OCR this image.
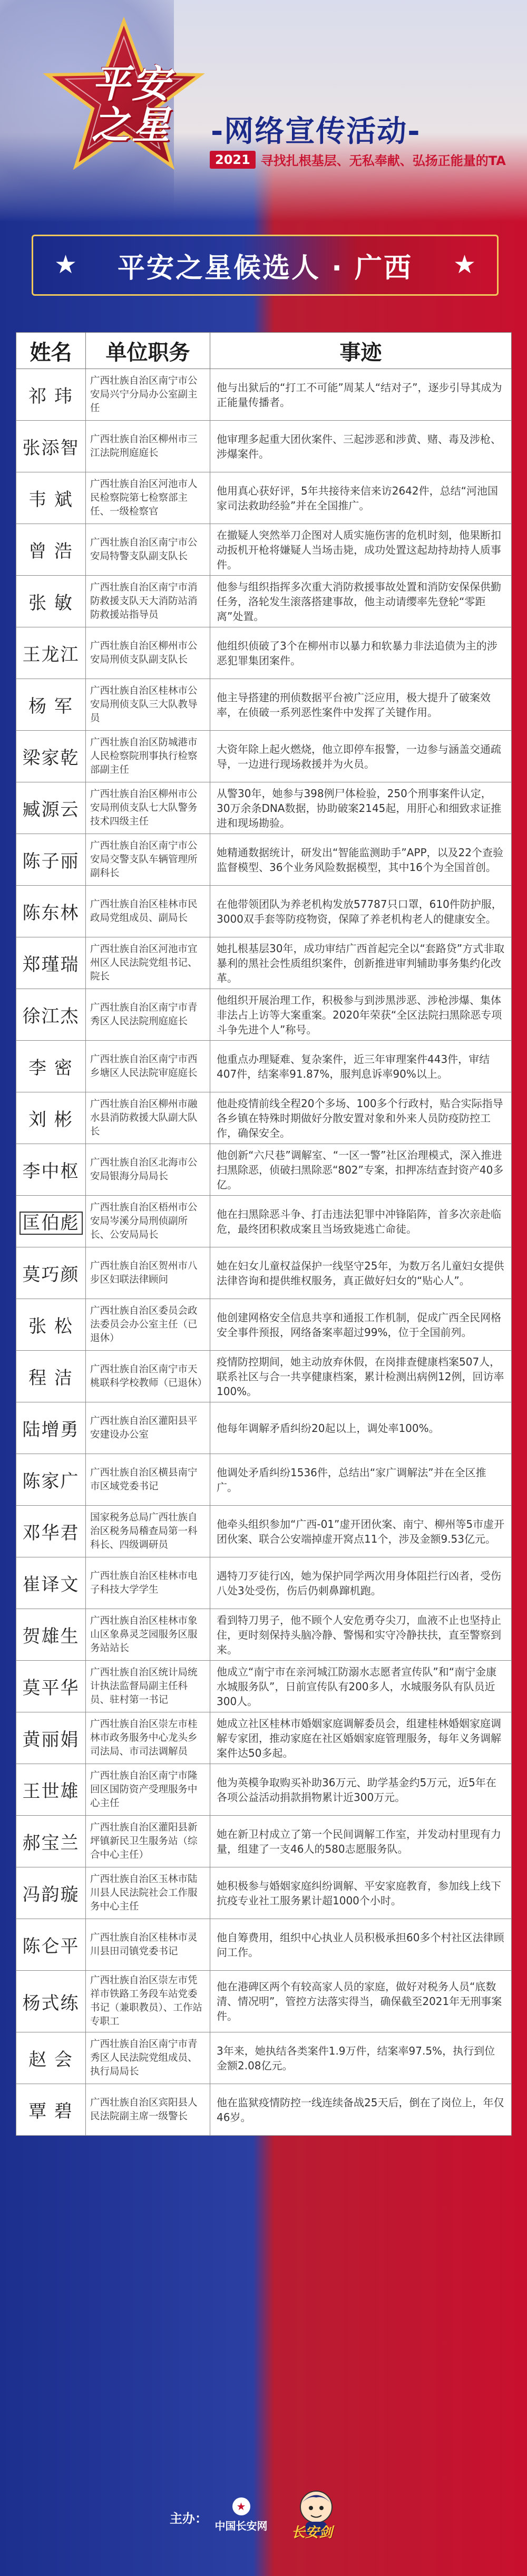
平安之星	-网络宣传活动-
2021 寻找扎根基层、无私奉献、弘扬正能量的TA
★ 平安之星候选人 · 广西 ★
姓名	单位职务	事迹
祁 玮	广西壮族自治区南宁市公安局兴宁分局办公室副主任	他与出狱后的“打工不可能”周某人“结对子”，逐步引导其成为正能量传播者。
张添智	广西壮族自治区柳州市三江法院刑庭庭长	他审理多起重大团伙案件、三起涉恶和涉黄、赌、毒及涉枪、涉爆案件。
韦 斌	广西壮族自治区河池市人民检察院第七检察部主任、一级检察官	他用真心获好评，5年共接待来信来访2642件，总结“河池国家司法救助经验”并在全国推广。
曾 浩	广西壮族自治区南宁市公安局特警支队副支队长	在撤疑人突然举刀企图对人质实施伤害的危机时刻，他果断扣动扳机开枪将嫌疑人当场击毙，成功处置这起劫持劫持人质事件。
张 敏	广西壮族自治区南宁市消防救援支队天大消防站消防救援站指导员	他参与组织指挥多次重大消防救援事故处置和消防安保保供勤任务，洛轮发生滚落搭建事故，他主动请缨率先登轮“零距离”处置。
王龙江	广西壮族自治区柳州市公安局刑侦支队副支队长	他组织侦破了3个在柳州市以暴力和软暴力非法追债为主的涉恶犯罪集团案件。
杨 军	广西壮族自治区桂林市公安局刑侦支队三大队教导员	他主导搭建的刑侦数据平台被广泛应用，极大提升了破案效率，在侦破一系列恶性案件中发挥了关键作用。
梁家乾	广西壮族自治区防城港市人民检察院刑事执行检察部副主任	大资年除上起火燃烧，他立即停车报警，一边参与涵盖交通疏导，一边进行现场救援并为火员。
臧源云	广西壮族自治区柳州市公安局刑侦支队七大队警务技术四级主任	从警30年，她参与398例尸体检验，250个刑事案件认定，30万余条DNA数据，协助破案2145起，用肝心和细致求证推进和现场勘验。
陈子丽	广西壮族自治区南宁市公安局交警支队车辆管理所副科长	她精通数据统计，研发出“智能监测助手”APP，以及22个查验监督模型、36个业务风险数据模型，其中16个为全国首创。
陈东林	广西壮族自治区桂林市民政局党组成员、副局长	在他带领团队为养老机构发放57787只口罩，610件防护服，3000双手套等防疫物资，保障了养老机构老人的健康安全。
郑瑾瑞	广西壮族自治区河池市宜州区人民法院党组书记、院长	她扎根基层30年，成功审结广西首起完全以“套路贷”方式非取暴利的黑社会性质组织案件，创新推进审判辅助事务集约化改革。
徐江杰	广西壮族自治区南宁市青秀区人民法院刑庭庭长	他组织开展治理工作，积极参与到涉黑涉恶、涉枪涉爆、集体非法占上访等大案重案。2020年荣获“全区法院扫黑除恶专项斗争先进个人”称号。
李 密	广西壮族自治区南宁市西乡塘区人民法院审庭庭长	他重点办理疑难、复杂案件，近三年审理案件443件，审结407件，结案率91.87%，服判息诉率90%以上。
刘 彬	广西壮族自治区柳州市融水县消防救援大队副大队长	他赴疫情前线全程20个多场、100多个行政村，贴合实际指导各乡镇在特殊时期做好分散安置对象和外来人员防疫防控工作，确保安全。
李中枢	广西壮族自治区北海市公安局银海分局局长	他创新“六尺巷”调解室、“一区一警”社区治理模式，深入推进扫黑除恶，侦破扫黑除恶“802”专案，扣押冻结查封资产40多亿。
匡伯彪	广西壮族自治区梧州市公安局岑溪分局刑侦副所长、公安局局长	他在扫黑除恶斗争、打击违法犯罪中冲锋陷阵，首多次亲赴临危，最终团积救成案且当场致毙逃亡命徒。
莫巧颜	广西壮族自治区贺州市八步区妇联法律顾问	她在妇女儿童权益保护一线坚守25年，为数万名儿童妇女提供法律咨询和提供维权服务，真正做好妇女的“贴心人”。
张 松	广西壮族自治区委员会政法委员会办公室主任（已退休）	他创建网格安全信息共享和通报工作机制，促成广西全民网格安全事件预报，网络备案率超过99%，位于全国前列。
程 洁	广西壮族自治区南宁市天桃联科学校教师（已退休）	疫情防控期间，她主动放弃休假，在岗排查健康档案507人，联系社区与合一共享健康档案，累计检测出病例12例，回访率100%。
陆增勇	广西壮族自治区灌阳县平安建设办公室	他每年调解矛盾纠纷20起以上，调处率100%。
陈家广	广西壮族自治区横县南宁市区域党委书记	他调处矛盾纠纷1536件，总结出“家广调解法”并在全区推广。
邓华君	国家税务总局广西壮族自治区税务局稽查局第一科科长、四级调研员	他牵头组织参加“广西-01”虚开团伙案、南宁、柳州等5市虚开团伙案、联合公安端掉虚开窝点11个，涉及金额9.53亿元。
崔译文	广西壮族自治区桂林市电子科技大学学生	遇特刀歹徒行凶，她为保护同学两次用身体阻拦行凶者，受伤八处3处受伤，伤后仍刺鼻蹿机跑。
贺雄生	广西壮族自治区桂林市象山区象鼻灵芝园服务区服务站站长	看到特刀男子，他不顾个人安危勇夺尖刀，血液不止也坚持止住，更时刻保持头脑冷静、警惕和实守冷静扶扶，直至警察到来。
莫平华	广西壮族自治区统计局统计执法监督局副主任科员、驻村第一书记	他成立“南宁市在亲河城江防溺水志愿者宣传队”和“南宁金康水城服务队”，日前宣传队有200多人，水城服务队有队员近300人。
黄丽娟	广西壮族自治区崇左市桂林市政务服务中心龙头乡司法局、市司法调解员	她成立社区桂林市婚姻家庭调解委员会，组建桂林婚姻家庭调解专家团，推动家庭在社区婚姻家庭管理服务，每年义务调解案件达50多起。
王世雄	广西壮族自治区南宁市隆回区国防资产受理服务中心主任	他为英模争取购买补助36万元、助学基金约5万元，近5年在各项公益活动捐款捐物累计近300万元。
郝宝兰	广西壮族自治区灌阳县新坪镇新民卫生服务站（综合中心主任）	她在新卫村成立了第一个民间调解工作室，并发动村里现有力量，组建了一支46人的580志愿服务队。
冯韵璇	广西壮族自治区玉林市陆川县人民法院社会工作服务中心主任	她积极参与婚姻家庭纠纷调解、平安家庭教育，参加线上线下抗疫专业社工服务累计超1000个小时。
陈仑平	广西壮族自治区桂林市灵川县田司镇党委书记	他自筹费用，组织中心执业人员积极承担60多个村社区法律顾问工作。
杨式练	广西壮族自治区崇左市凭祥市铁路工务段车站党委书记（兼职教员）、工作站专职工	他在港碑区两个有较高家人员的家庭，做好对税务人员“底数清、情况明”，管控方法落实得当，确保截至2021年无刑事案件。
赵 会	广西壮族自治区南宁市青秀区人民法院党组成员、执行局局长	3年来，她执结各类案件1.9万件，结案率97.5%，执行到位金额2.08亿元。
覃 碧	广西壮族自治区宾阳县人民法院副主席一级警长	他在监狱疫情防控一线连续备战25天后，倒在了岗位上，年仅46岁。
主办：
★
中国长安网 长安剑
